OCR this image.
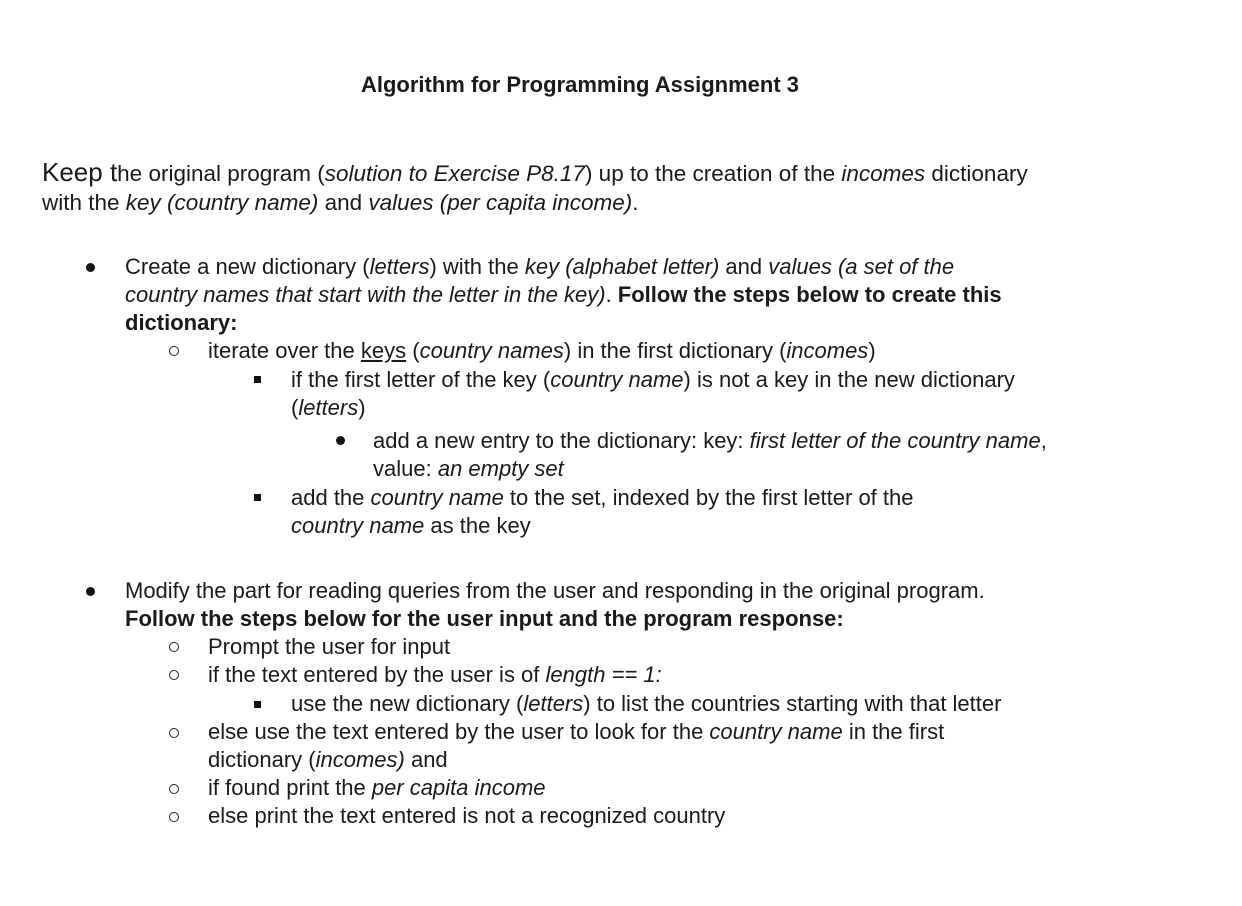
Algorithm for Programming Assignment 3

Keep the original program (solution to Exercise P8.17) up to the creation of the incomes dictionary
with the key (country name) and values (per capita income).

Create a new dictionary (letters) with the key (alphabet letter) and values (a set of the
country names that start with the letter in the key). Follow the steps below to create this
dictionary:
iterate over the keys (country names) in the first dictionary (incomes)
if the first letter of the key (country name) is not a key in the new dictionary
(letters)
add a new entry to the dictionary: key: first letter of the country name,
value: an empty set
add the country name to the set, indexed by the first letter of the
country name as the key
Modify the part for reading queries from the user and responding in the original program.
Follow the steps below for the user input and the program response:
Prompt the user for input
if the text entered by the user is of length == 1:
use the new dictionary (letters) to list the countries starting with that letter
else use the text entered by the user to look for the country name in the first
dictionary (incomes) and
if found print the per capita income
else print the text entered is not a recognized country
